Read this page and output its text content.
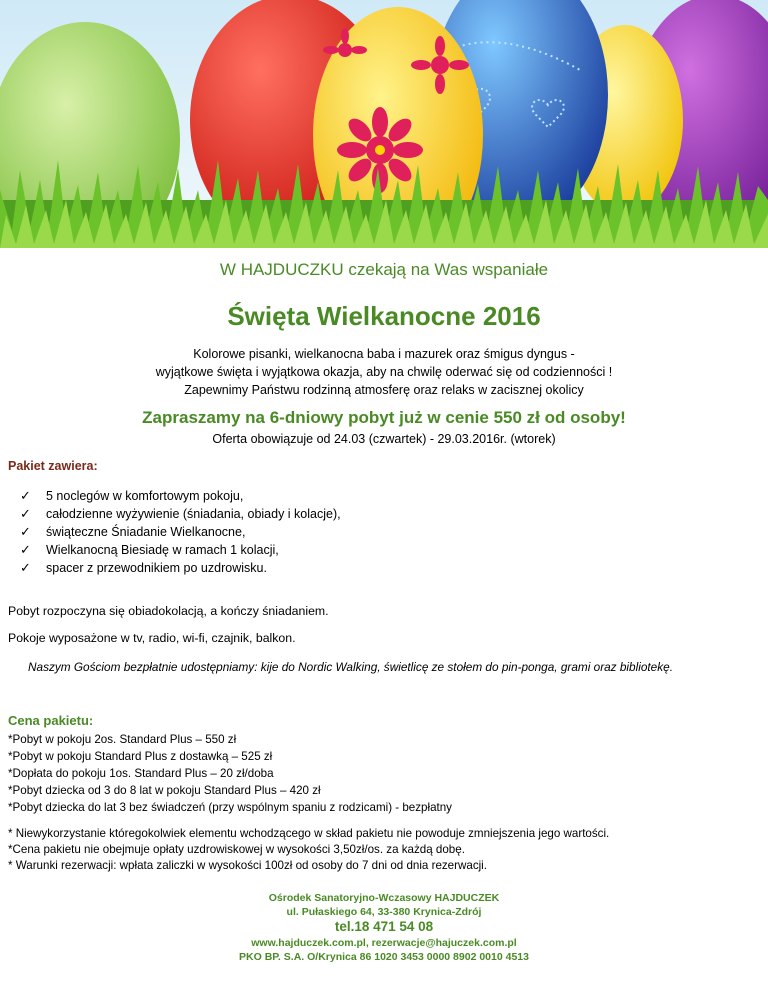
W HAJDUCZKU czekają na Was wspaniałe
Święta Wielkanocne 2016
Kolorowe pisanki, wielkanocna baba i mazurek oraz śmigus dyngus -
wyjątkowe święta i wyjątkowa okazja, aby na chwilę oderwać się od codzienności !
Zapewnimy Państwu rodzinną atmosferę oraz relaks w zacisznej okolicy
Zapraszamy na 6-dniowy pobyt już w cenie 550 zł od osoby!
Oferta obowiązuje od 24.03 (czwartek) - 29.03.2016r. (wtorek)
Pakiet zawiera:
✓	5 noclegów w komfortowym pokoju,
✓	całodzienne wyżywienie (śniadania, obiady i kolacje),
✓	świąteczne Śniadanie Wielkanocne,
✓	Wielkanocną Biesiadę w ramach 1 kolacji,
✓	spacer z przewodnikiem po uzdrowisku.
Pobyt rozpoczyna się obiadokolacją, a kończy śniadaniem.
Pokoje wyposażone w tv, radio, wi-fi, czajnik, balkon.
Naszym Gościom bezpłatnie udostępniamy: kije do Nordic Walking, świetlicę ze stołem do pin-ponga, grami oraz bibliotekę.
Cena pakietu:
*Pobyt w pokoju 2os. Standard Plus – 550 zł
*Pobyt w pokoju Standard Plus z dostawką – 525 zł
*Dopłata do pokoju 1os. Standard Plus – 20 zł/doba
*Pobyt dziecka od 3 do 8 lat w pokoju Standard Plus – 420 zł
*Pobyt dziecka do lat 3 bez świadczeń (przy wspólnym spaniu z rodzicami) - bezpłatny
* Niewykorzystanie któregokolwiek elementu wchodzącego w skład pakietu nie powoduje zmniejszenia jego wartości.
*Cena pakietu nie obejmuje opłaty uzdrowiskowej w wysokości 3,50zł/os. za każdą dobę.
* Warunki rezerwacji: wpłata zaliczki w wysokości 100zł od osoby do 7 dni od dnia rezerwacji.
Ośrodek Sanatoryjno-Wczasowy HAJDUCZEK
ul. Pułaskiego 64, 33-380 Krynica-Zdrój
tel.18 471 54 08
www.hajduczek.com.pl, rezerwacje@hajuczek.com.pl
PKO BP. S.A. O/Krynica 86 1020 3453 0000 8902 0010 4513
